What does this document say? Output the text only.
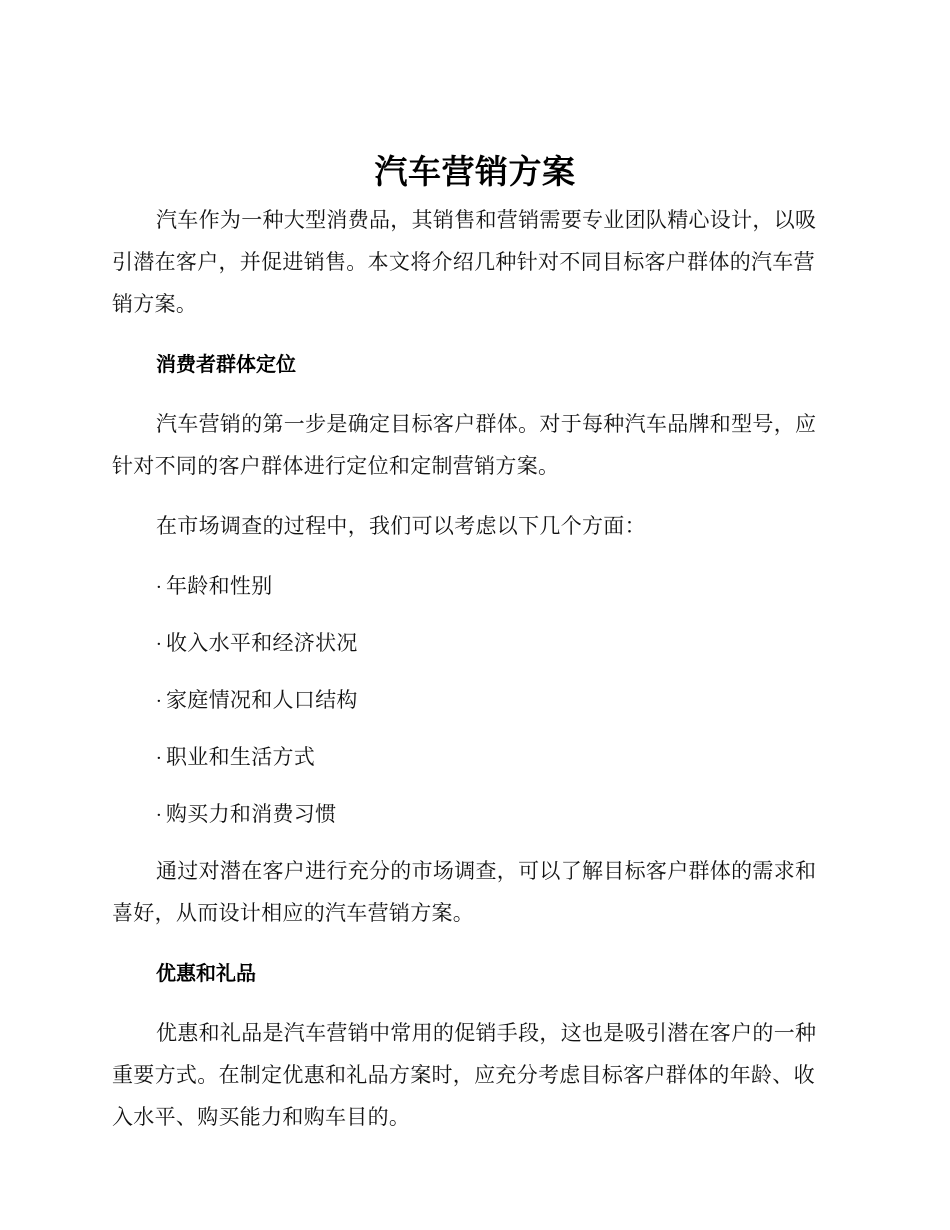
汽车营销方案

汽车作为一种大型消费品，其销售和营销需要专业团队精心设计，以吸引潜在客户，并促进销售。本文将介绍几种针对不同目标客户群体的汽车营销方案。

消费者群体定位

汽车营销的第一步是确定目标客户群体。对于每种汽车品牌和型号，应针对不同的客户群体进行定位和定制营销方案。

在市场调查的过程中，我们可以考虑以下几个方面：

· 年龄和性别
· 收入水平和经济状况
· 家庭情况和人口结构
· 职业和生活方式
· 购买力和消费习惯

通过对潜在客户进行充分的市场调查，可以了解目标客户群体的需求和喜好，从而设计相应的汽车营销方案。

优惠和礼品

优惠和礼品是汽车营销中常用的促销手段，这也是吸引潜在客户的一种重要方式。在制定优惠和礼品方案时，应充分考虑目标客户群体的年龄、收入水平、购买能力和购车目的。
